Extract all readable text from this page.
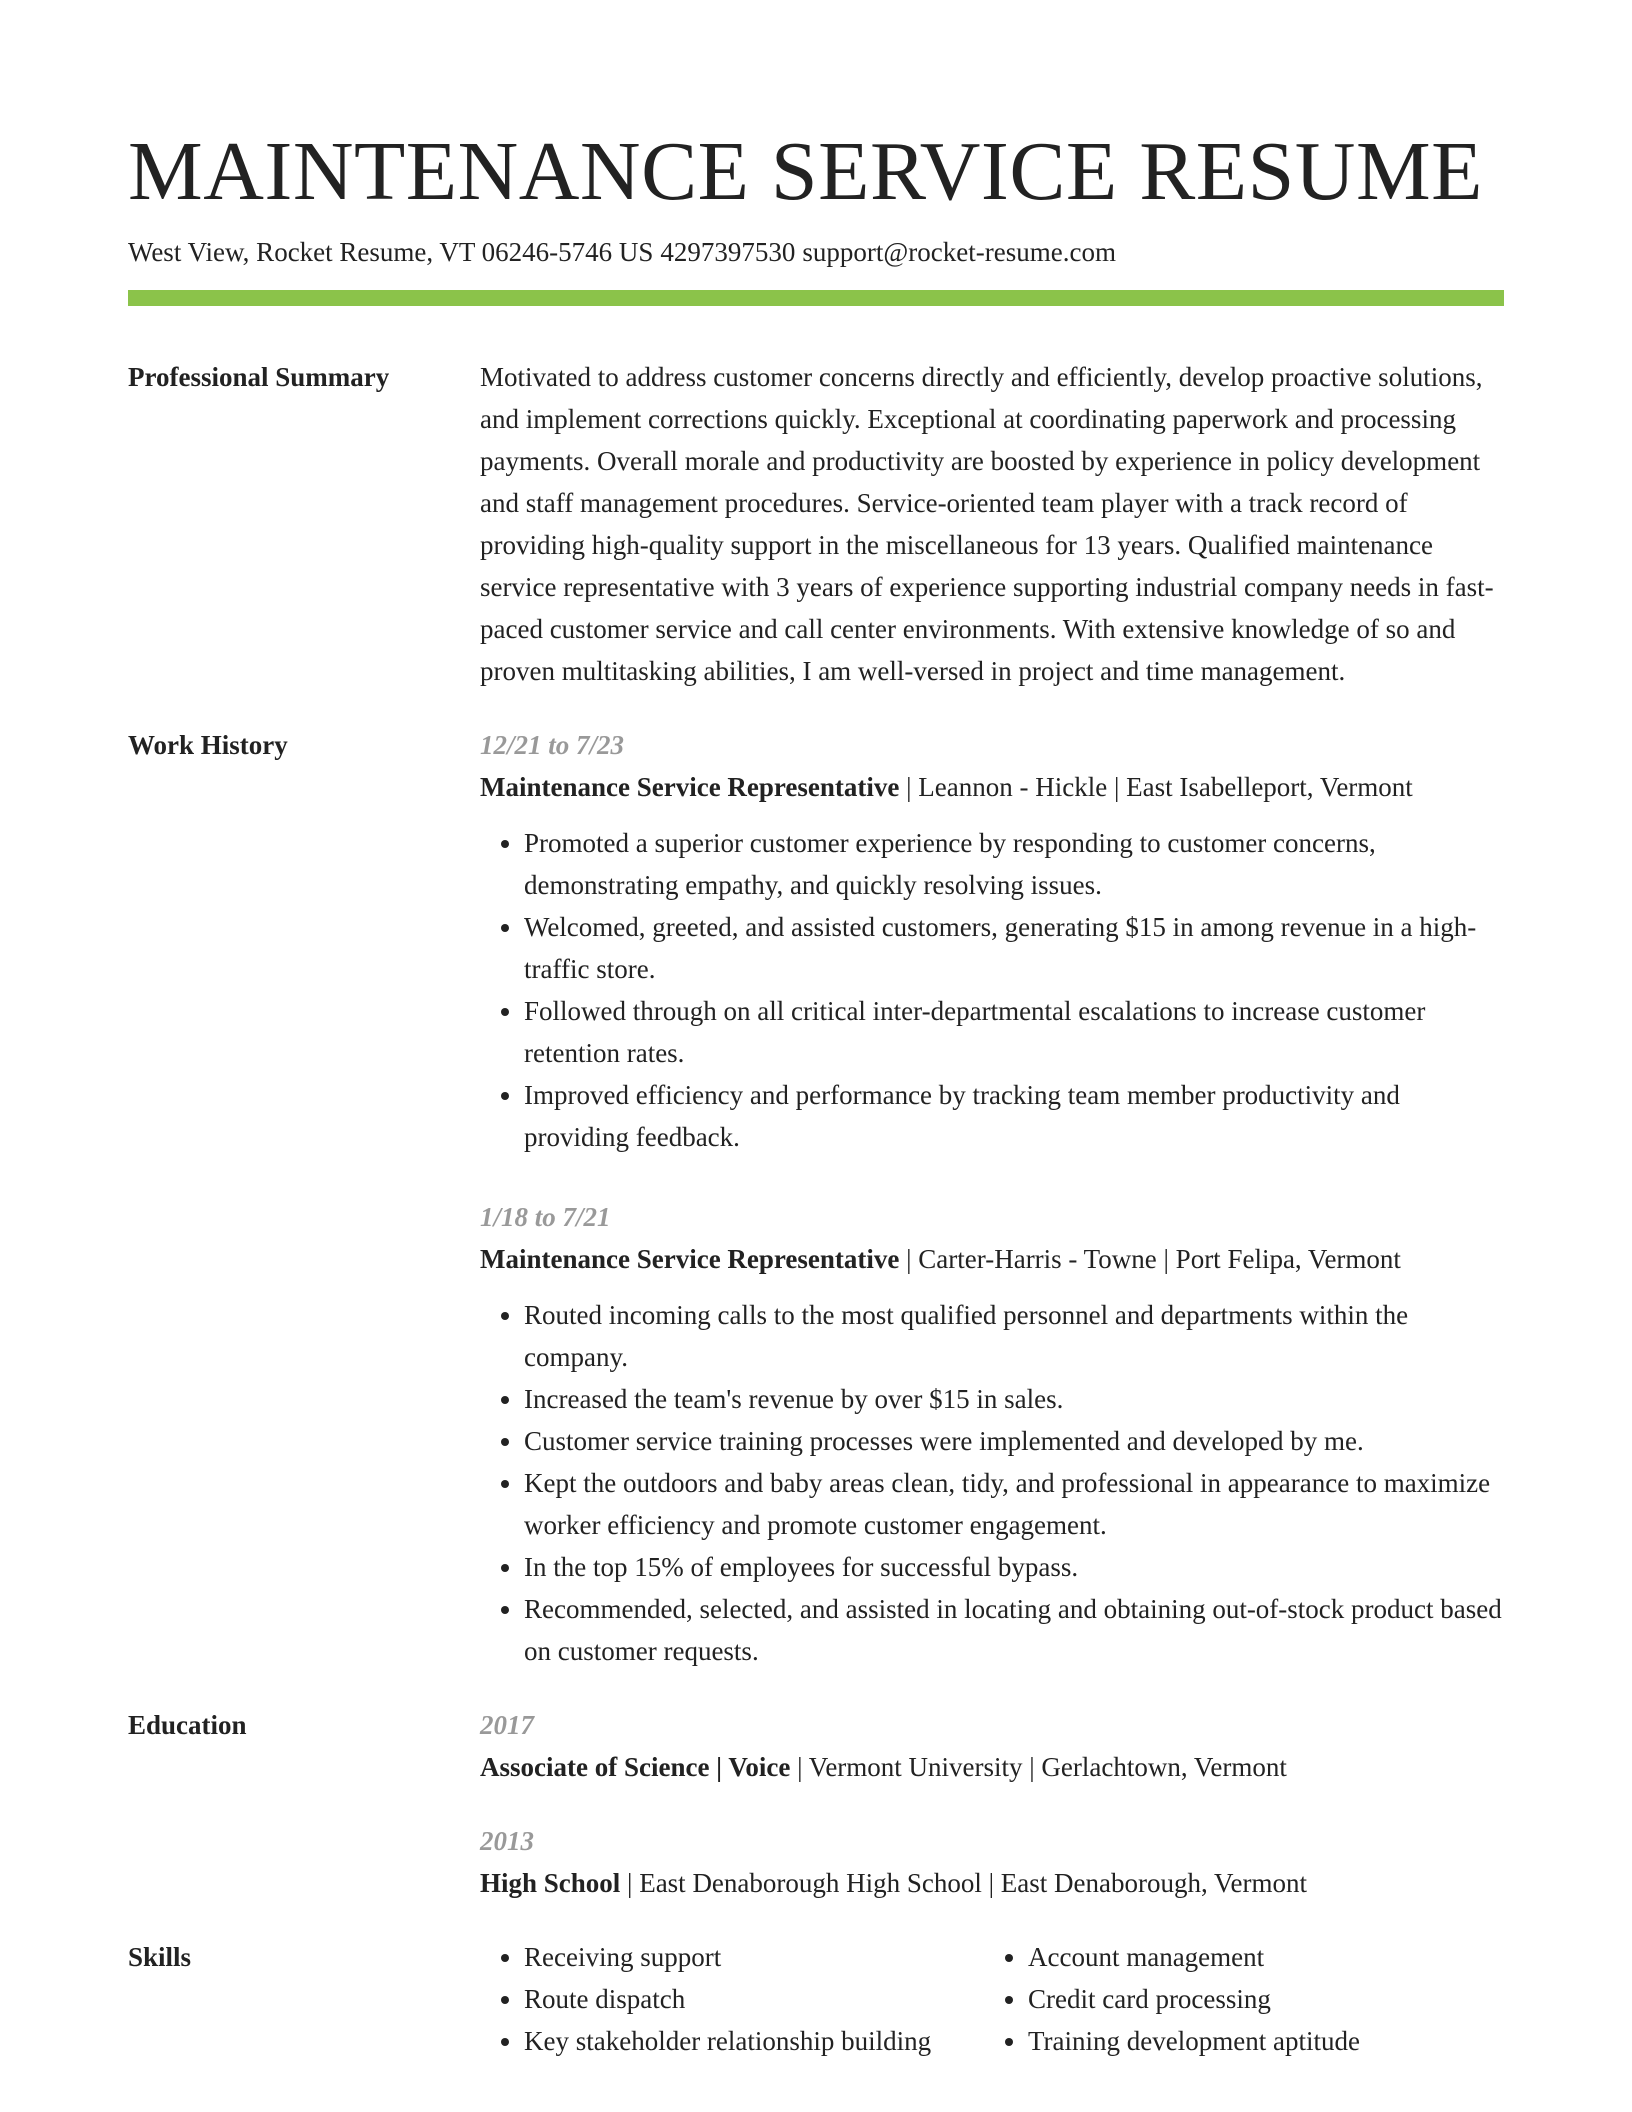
MAINTENANCE SERVICE RESUME
West View, Rocket Resume, VT 06246-5746 US 4297397530 support@rocket-resume.com
Professional Summary	Motivated to address customer concerns directly and efficiently, develop proactive solutions, and implement corrections quickly. Exceptional at coordinating paperwork and processing payments. Overall morale and productivity are boosted by experience in policy development and staff management procedures. Service-oriented team player with a track record of providing high-quality support in the miscellaneous for 13 years. Qualified maintenance service representative with 3 years of experience supporting industrial company needs in fast-paced customer service and call center environments. With extensive knowledge of so and proven multitasking abilities, I am well-versed in project and time management.
Work History	12/21 to 7/23
Maintenance Service Representative | Leannon - Hickle | East Isabelleport, Vermont
• Promoted a superior customer experience by responding to customer concerns, demonstrating empathy, and quickly resolving issues.
• Welcomed, greeted, and assisted customers, generating $15 in among revenue in a high-traffic store.
• Followed through on all critical inter-departmental escalations to increase customer retention rates.
• Improved efficiency and performance by tracking team member productivity and providing feedback.
1/18 to 7/21
Maintenance Service Representative | Carter-Harris - Towne | Port Felipa, Vermont
• Routed incoming calls to the most qualified personnel and departments within the company.
• Increased the team's revenue by over $15 in sales.
• Customer service training processes were implemented and developed by me.
• Kept the outdoors and baby areas clean, tidy, and professional in appearance to maximize worker efficiency and promote customer engagement.
• In the top 15% of employees for successful bypass.
• Recommended, selected, and assisted in locating and obtaining out-of-stock product based on customer requests.
Education	2017
Associate of Science | Voice | Vermont University | Gerlachtown, Vermont
2013
High School | East Denaborough High School | East Denaborough, Vermont
Skills
•	Receiving support
• Route dispatch
• Key stakeholder relationship building
• Account management
• Credit card processing
• Training development aptitude
